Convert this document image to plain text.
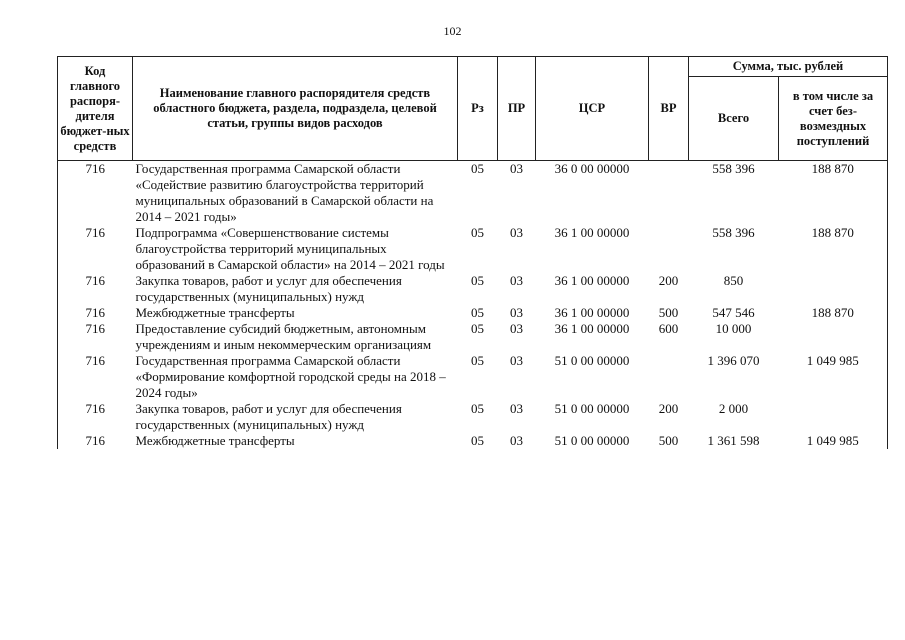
102
Код главного распоря-дителя бюджет-ных средств	Наименование главного распорядителя средств областного бюджета, раздела, подраздела, целевой статьи, группы видов расходов	Рз	ПР	ЦСР	ВР	Сумма, тыс. рублей	
						Всего	в том числе за счет без-возмездных поступлений
716	Государственная программа Самарской области «Содействие развитию благоустройства территорий муниципальных образований в Самарской области на 2014 – 2021 годы»	05	03	36 0 00 00000		558 396	188 870
716	Подпрограмма «Совершенствование системы благоустройства территорий муниципальных образований в Самарской области» на 2014 – 2021 годы	05	03	36 1 00 00000		558 396	188 870
716	Закупка товаров, работ и услуг для обеспечения государственных (муниципальных) нужд	05	03	36 1 00 00000	200	850	
716	Межбюджетные трансферты	05	03	36 1 00 00000	500	547 546	188 870
716	Предоставление субсидий бюджетным, автономным учреждениям и иным некоммерческим организациям	05	03	36 1 00 00000	600	10 000	
716	Государственная программа Самарской области «Формирование комфортной городской среды на 2018 – 2024 годы»	05	03	51 0 00 00000		1 396 070	1 049 985
716	Закупка товаров, работ и услуг для обеспечения государственных (муниципальных) нужд	05	03	51 0 00 00000	200	2 000	
716	Межбюджетные трансферты	05	03	51 0 00 00000	500	1 361 598	1 049 985
